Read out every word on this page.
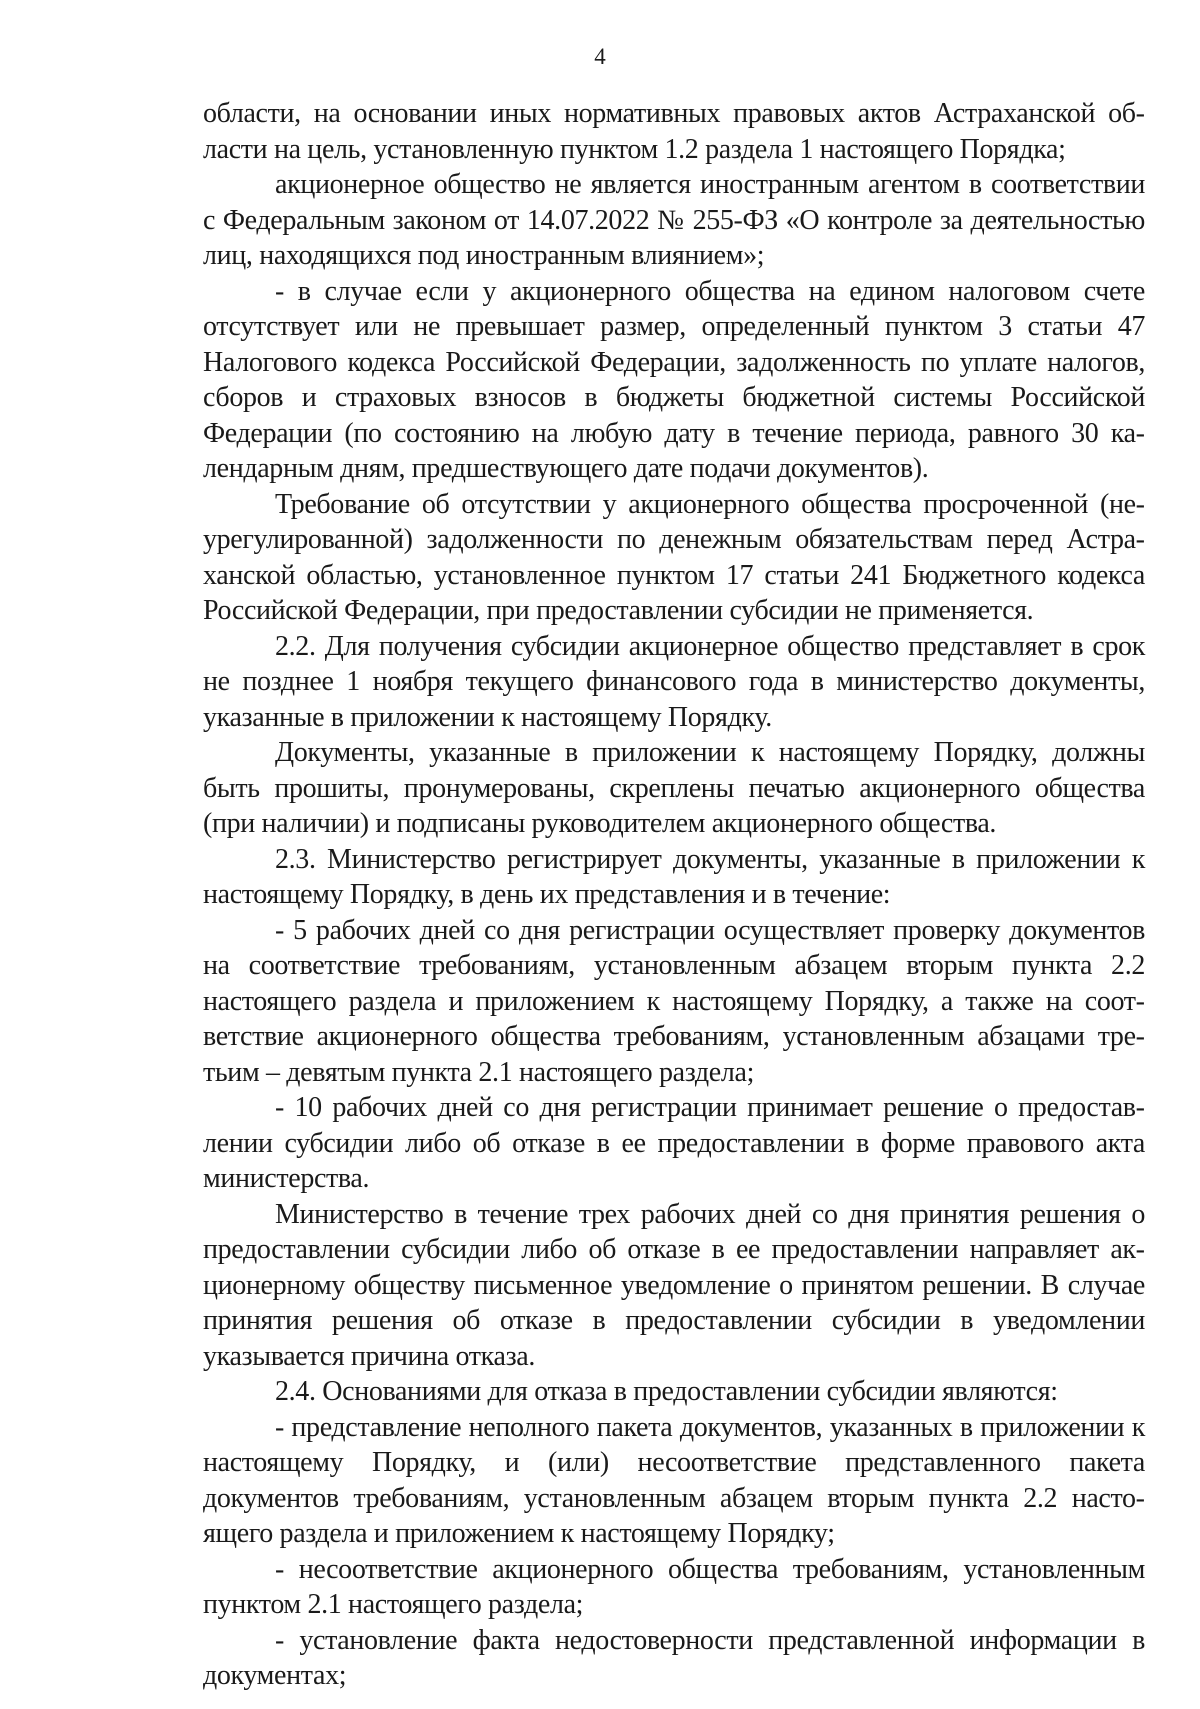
4

области, на основании иных нормативных правовых актов Астраханской области на цель, установленную пунктом 1.2 раздела 1 настоящего Порядка;

акционерное общество не является иностранным агентом в соответствии с Федеральным законом от 14.07.2022 № 255-ФЗ «О контроле за деятельностью лиц, находящихся под иностранным влиянием»;

- в случае если у акционерного общества на едином налоговом счете отсутствует или не превышает размер, определенный пунктом 3 статьи 47 Налогового кодекса Российской Федерации, задолженность по уплате налогов, сборов и страховых взносов в бюджеты бюджетной системы Российской Федерации (по состоянию на любую дату в течение периода, равного 30 календарным дням, предшествующего дате подачи документов).

Требование об отсутствии у акционерного общества просроченной (неурегулированной) задолженности по денежным обязательствам перед Астраханской областью, установленное пунктом 17 статьи 241 Бюджетного кодекса Российской Федерации, при предоставлении субсидии не применяется.

2.2. Для получения субсидии акционерное общество представляет в срок не позднее 1 ноября текущего финансового года в министерство документы, указанные в приложении к настоящему Порядку.

Документы, указанные в приложении к настоящему Порядку, должны быть прошиты, пронумерованы, скреплены печатью акционерного общества (при наличии) и подписаны руководителем акционерного общества.

2.3. Министерство регистрирует документы, указанные в приложении к настоящему Порядку, в день их представления и в течение:

- 5 рабочих дней со дня регистрации осуществляет проверку документов на соответствие требованиям, установленным абзацем вторым пункта 2.2 настоящего раздела и приложением к настоящему Порядку, а также на соответствие акционерного общества требованиям, установленным абзацами третьим – девятым пункта 2.1 настоящего раздела;

- 10 рабочих дней со дня регистрации принимает решение о предоставлении субсидии либо об отказе в ее предоставлении в форме правового акта министерства.

Министерство в течение трех рабочих дней со дня принятия решения о предоставлении субсидии либо об отказе в ее предоставлении направляет акционерному обществу письменное уведомление о принятом решении. В случае принятия решения об отказе в предоставлении субсидии в уведомлении указывается причина отказа.

2.4. Основаниями для отказа в предоставлении субсидии являются:

- представление неполного пакета документов, указанных в приложении к настоящему Порядку, и (или) несоответствие представленного пакета документов требованиям, установленным абзацем вторым пункта 2.2 настоящего раздела и приложением к настоящему Порядку;

- несоответствие акционерного общества требованиям, установленным пунктом 2.1 настоящего раздела;

- установление факта недостоверности представленной информации в документах;
